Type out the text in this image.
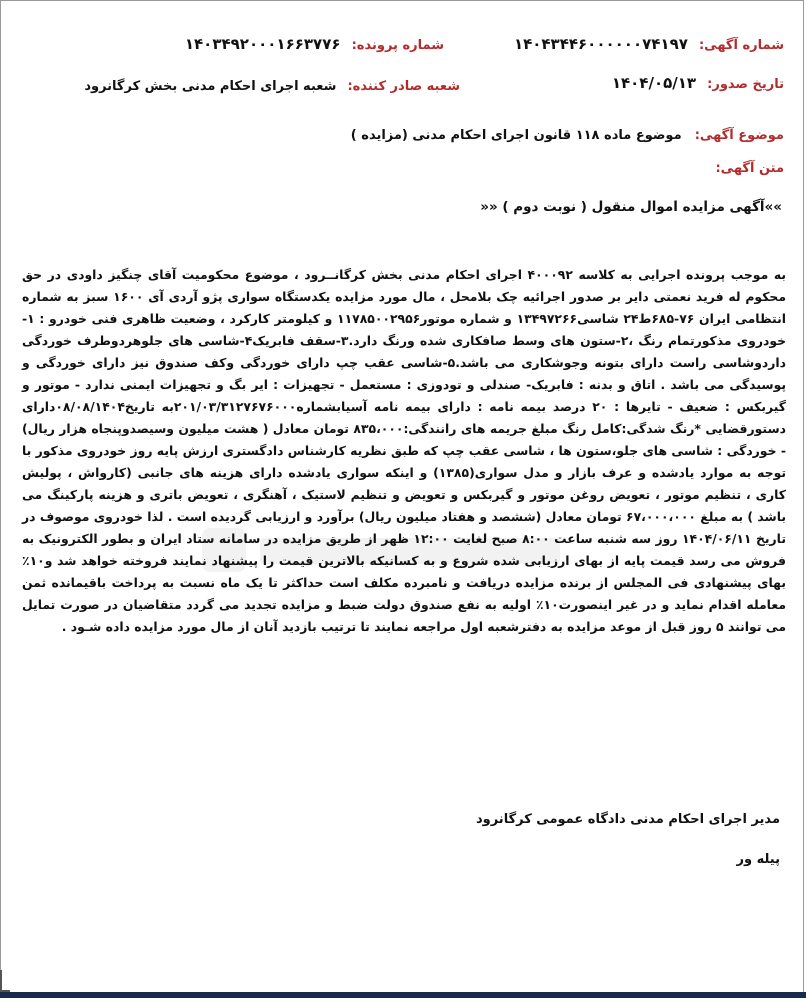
شماره آگهی: ۱۴۰۴۳۴۴۶۰۰۰۰۰۰۷۴۱۹۷
شماره پرونده: ۱۴۰۳۴۹۲۰۰۰۱۶۶۳۷۷۶
تاریخ صدور: ۱۴۰۴/۰۵/۱۳
شعبه صادر کننده: شعبه اجرای احکام مدنی بخش کرگانرود
موضوع آگهی: موضوع ماده ۱۱۸ قانون اجرای احکام مدنی (مزایده )
متن آگهی:
»»آگهی مزایده اموال منقول ( نوبت دوم ) ««
به موجب پرونده اجرایی به کلاسه ۴۰۰۰۹۲ اجرای احکام مدنی بخش کرگانــرود ، موضوع محکومیت آقای چنگیز داودی در حق محکوم له فرید نعمتی دایر بر صدور اجرائیه چک بلامحل ، مال مورد مزایده یکدستگاه سواری پژو آردی آی ۱۶۰۰ سبز به شماره انتظامی ایران ۷۶-۶۸۵ط۲۴ شاسی۱۳۴۹۷۲۶۶ و شماره موتور۱۱۷۸۵۰۰۲۹۵۶ و کیلومتر کارکرد ، وضعیت ظاهری فنی خودرو : ۱-خودروی مذکورتمام رنگ ،۲-ستون های وسط صافکاری شده ورنگ دارد.۳-سقف فابریک۴-شاسی های جلوهردوطرف خوردگی داردوشاسی راست دارای بتونه وجوشکاری می باشد.۵-شاسی عقب چپ دارای خوردگی وکف صندوق نیز دارای خوردگی و پوسیدگی می باشد . اتاق و بدنه : فابریک- صندلی و تودوزی : مستعمل - تجهیزات : ایر بگ و تجهیزات ایمنی ندارد - موتور و گیربکس : ضعیف - تایرها : ۲۰ درصد بیمه نامه : دارای بیمه نامه آسیابشماره۲۰۱/۰۳/۳۱۲۷۶۷۶۰۰۰به تاریخ۰۸/۰۸/۱۴۰۴دارای دستورقضایی *رنگ شدگی:کامل رنگ مبلغ جریمه های رانندگی:۸۳۵،۰۰۰ تومان معادل ( هشت میلیون وسیصدوپنجاه هزار ریال) - خوردگی : شاسی های جلو،ستون ها ، شاسی عقب چپ که طبق نظریه کارشناس دادگستری ارزش پایه روز خودروی مذکور با توجه به موارد یادشده و عرف بازار و مدل سواری(۱۳۸۵) و اینکه سواری یادشده دارای هزینه های جانبی (کارواش ، پولیش کاری ، تنظیم موتور ، تعویض روغن موتور و گیربکس و تعویض و تنظیم لاستیک ، آهنگری ، تعویض باتری و هزینه پارکینگ می باشد ) به مبلغ ۶۷،۰۰۰،۰۰۰ تومان معادل (ششصد و هفتاد میلیون ریال) برآورد و ارزیابی گردیده است . لذا خودروی موصوف در تاریخ ۱۴۰۴/۰۶/۱۱ روز سه شنبه ساعت ۸:۰۰ صبح لغایت ۱۲:۰۰ ظهر از طریق مزایده در سامانه ستاد ایران و بطور الکترونیک به فروش می رسد قیمت پایه از بهای ارزیابی شده شروع و به کسانیکه بالاترین قیمت را پیشنهاد نمایند فروخته خواهد شد و۱۰٪ بهای پیشنهادی فی المجلس از برنده مزایده دریافت و نامبرده مکلف است حداکثر تا یک ماه نسبت به پرداخت باقیمانده ثمن معامله اقدام نماید و در غیر اینصورت۱۰٪ اولیه به نفع صندوق دولت ضبط و مزایده تجدید می گردد متقاضیان در صورت تمایل می توانند ۵ روز قبل از موعد مزایده به دفترشعبه اول مراجعه نمایند تا ترتیب بازدید آنان از مال مورد مزایده داده شـود .
مدیر اجرای احکام مدنی دادگاه عمومی کرگانرود
پیله ور
